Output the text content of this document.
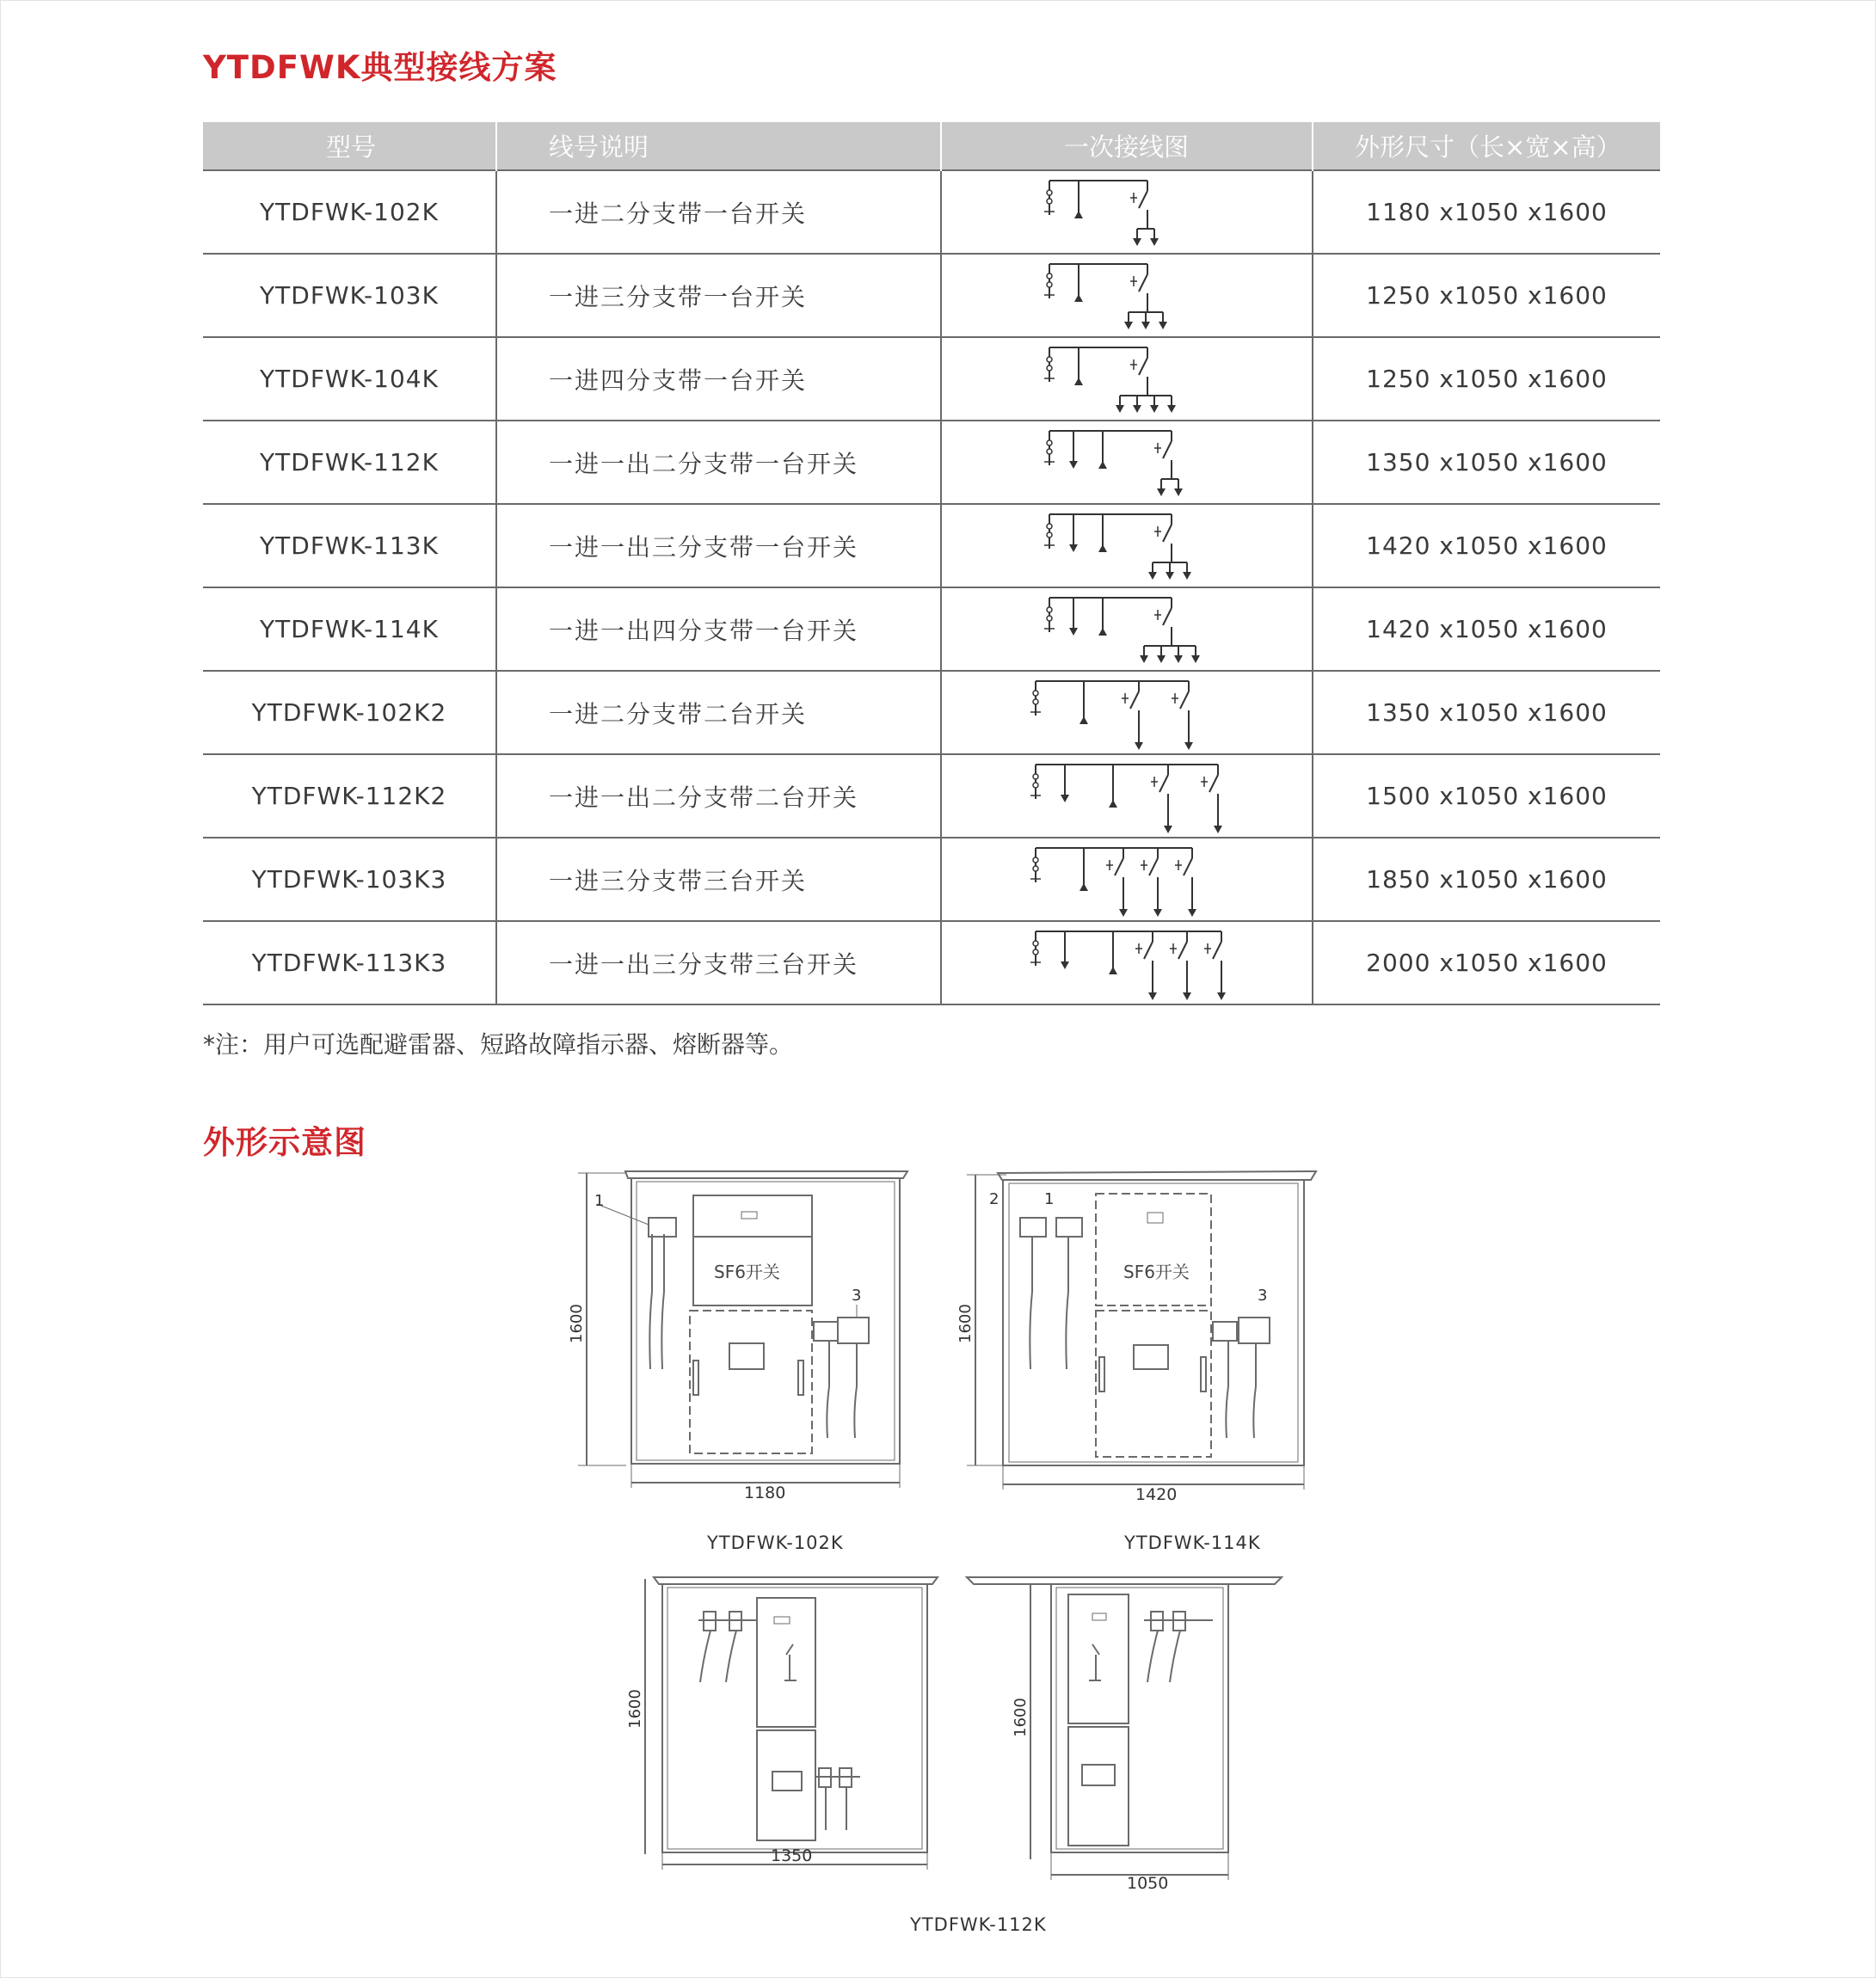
YTDFWK典型接线方案
型号	线号说明	一次接线图	外形尺寸（长×宽×高）

YTDFWK-102K	一进二分支带一台开关		1180 x1050 x1600
YTDFWK-103K	一进三分支带一台开关		1250 x1050 x1600
YTDFWK-104K	一进四分支带一台开关		1250 x1050 x1600
YTDFWK-112K	一进一出二分支带一台开关		1350 x1050 x1600
YTDFWK-113K	一进一出三分支带一台开关		1420 x1050 x1600
YTDFWK-114K	一进一出四分支带一台开关		1420 x1050 x1600
YTDFWK-102K2	一进二分支带二台开关		1350 x1050 x1600
YTDFWK-112K2	一进一出二分支带二台开关		1500 x1050 x1600
YTDFWK-103K3	一进三分支带三台开关		1850 x1050 x1600
YTDFWK-113K3	一进一出三分支带三台开关		2000 x1050 x1600
*注：用户可选配避雷器、短路故障指示器、熔断器等。
外形示意图
1
3
SF6开关
1600
1180
YTDFWK-102K
2	1
3
SF6开关
1600
1420
YTDFWK-114K
1600
1350
1600
1050
YTDFWK-112K
